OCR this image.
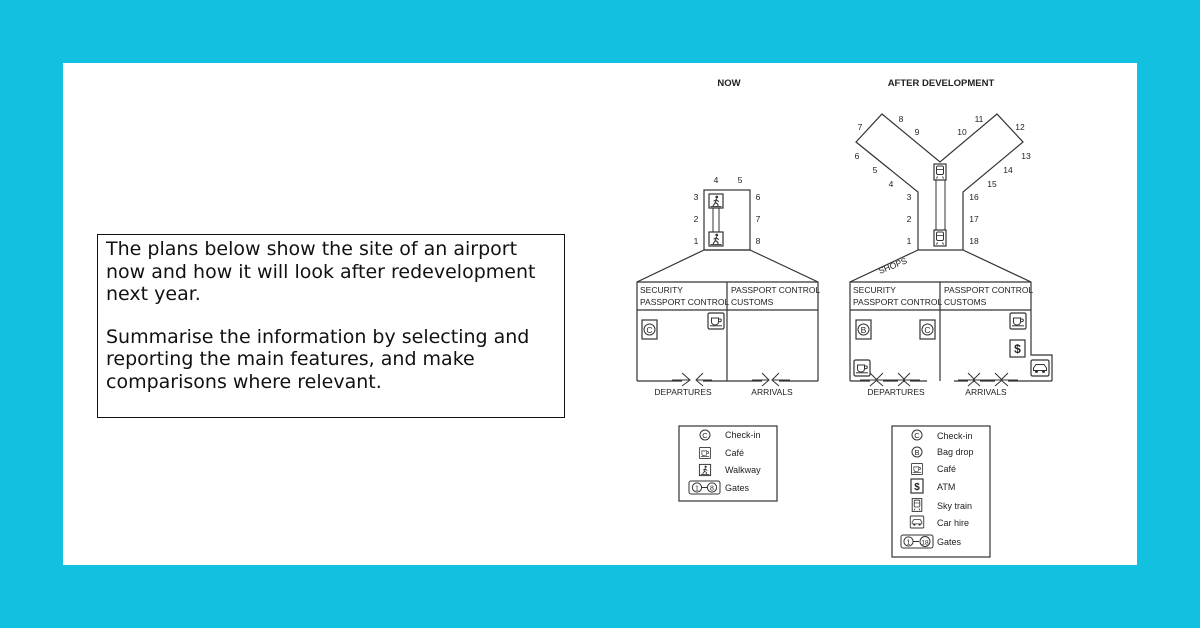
The plans below show the site of an airport now and how it will look after redevelopment next year.

Summarise the information by selecting and reporting the main features, and make comparisons where relevant.

NOW
1
2
3
4 5
6
7
8
SECURITY
PASSPORT CONTROL
PASSPORT CONTROL
CUSTOMS
C
DEPARTURES	ARRIVALS
C Check-in
Café
Walkway
1 8 Gates
AFTER DEVELOPMENT
1
2
3
4
5
6
7
8
9	10
11
12
13
14
15
16
17
18
SHOPS
SECURITY
PASSPORT CONTROL
PASSPORT CONTROL
CUSTOMS
B	C
$
DEPARTURES	ARRIVALS
C Check-in
B Bag drop
Café
$ ATM
Sky train
Car hire
1 18 Gates
